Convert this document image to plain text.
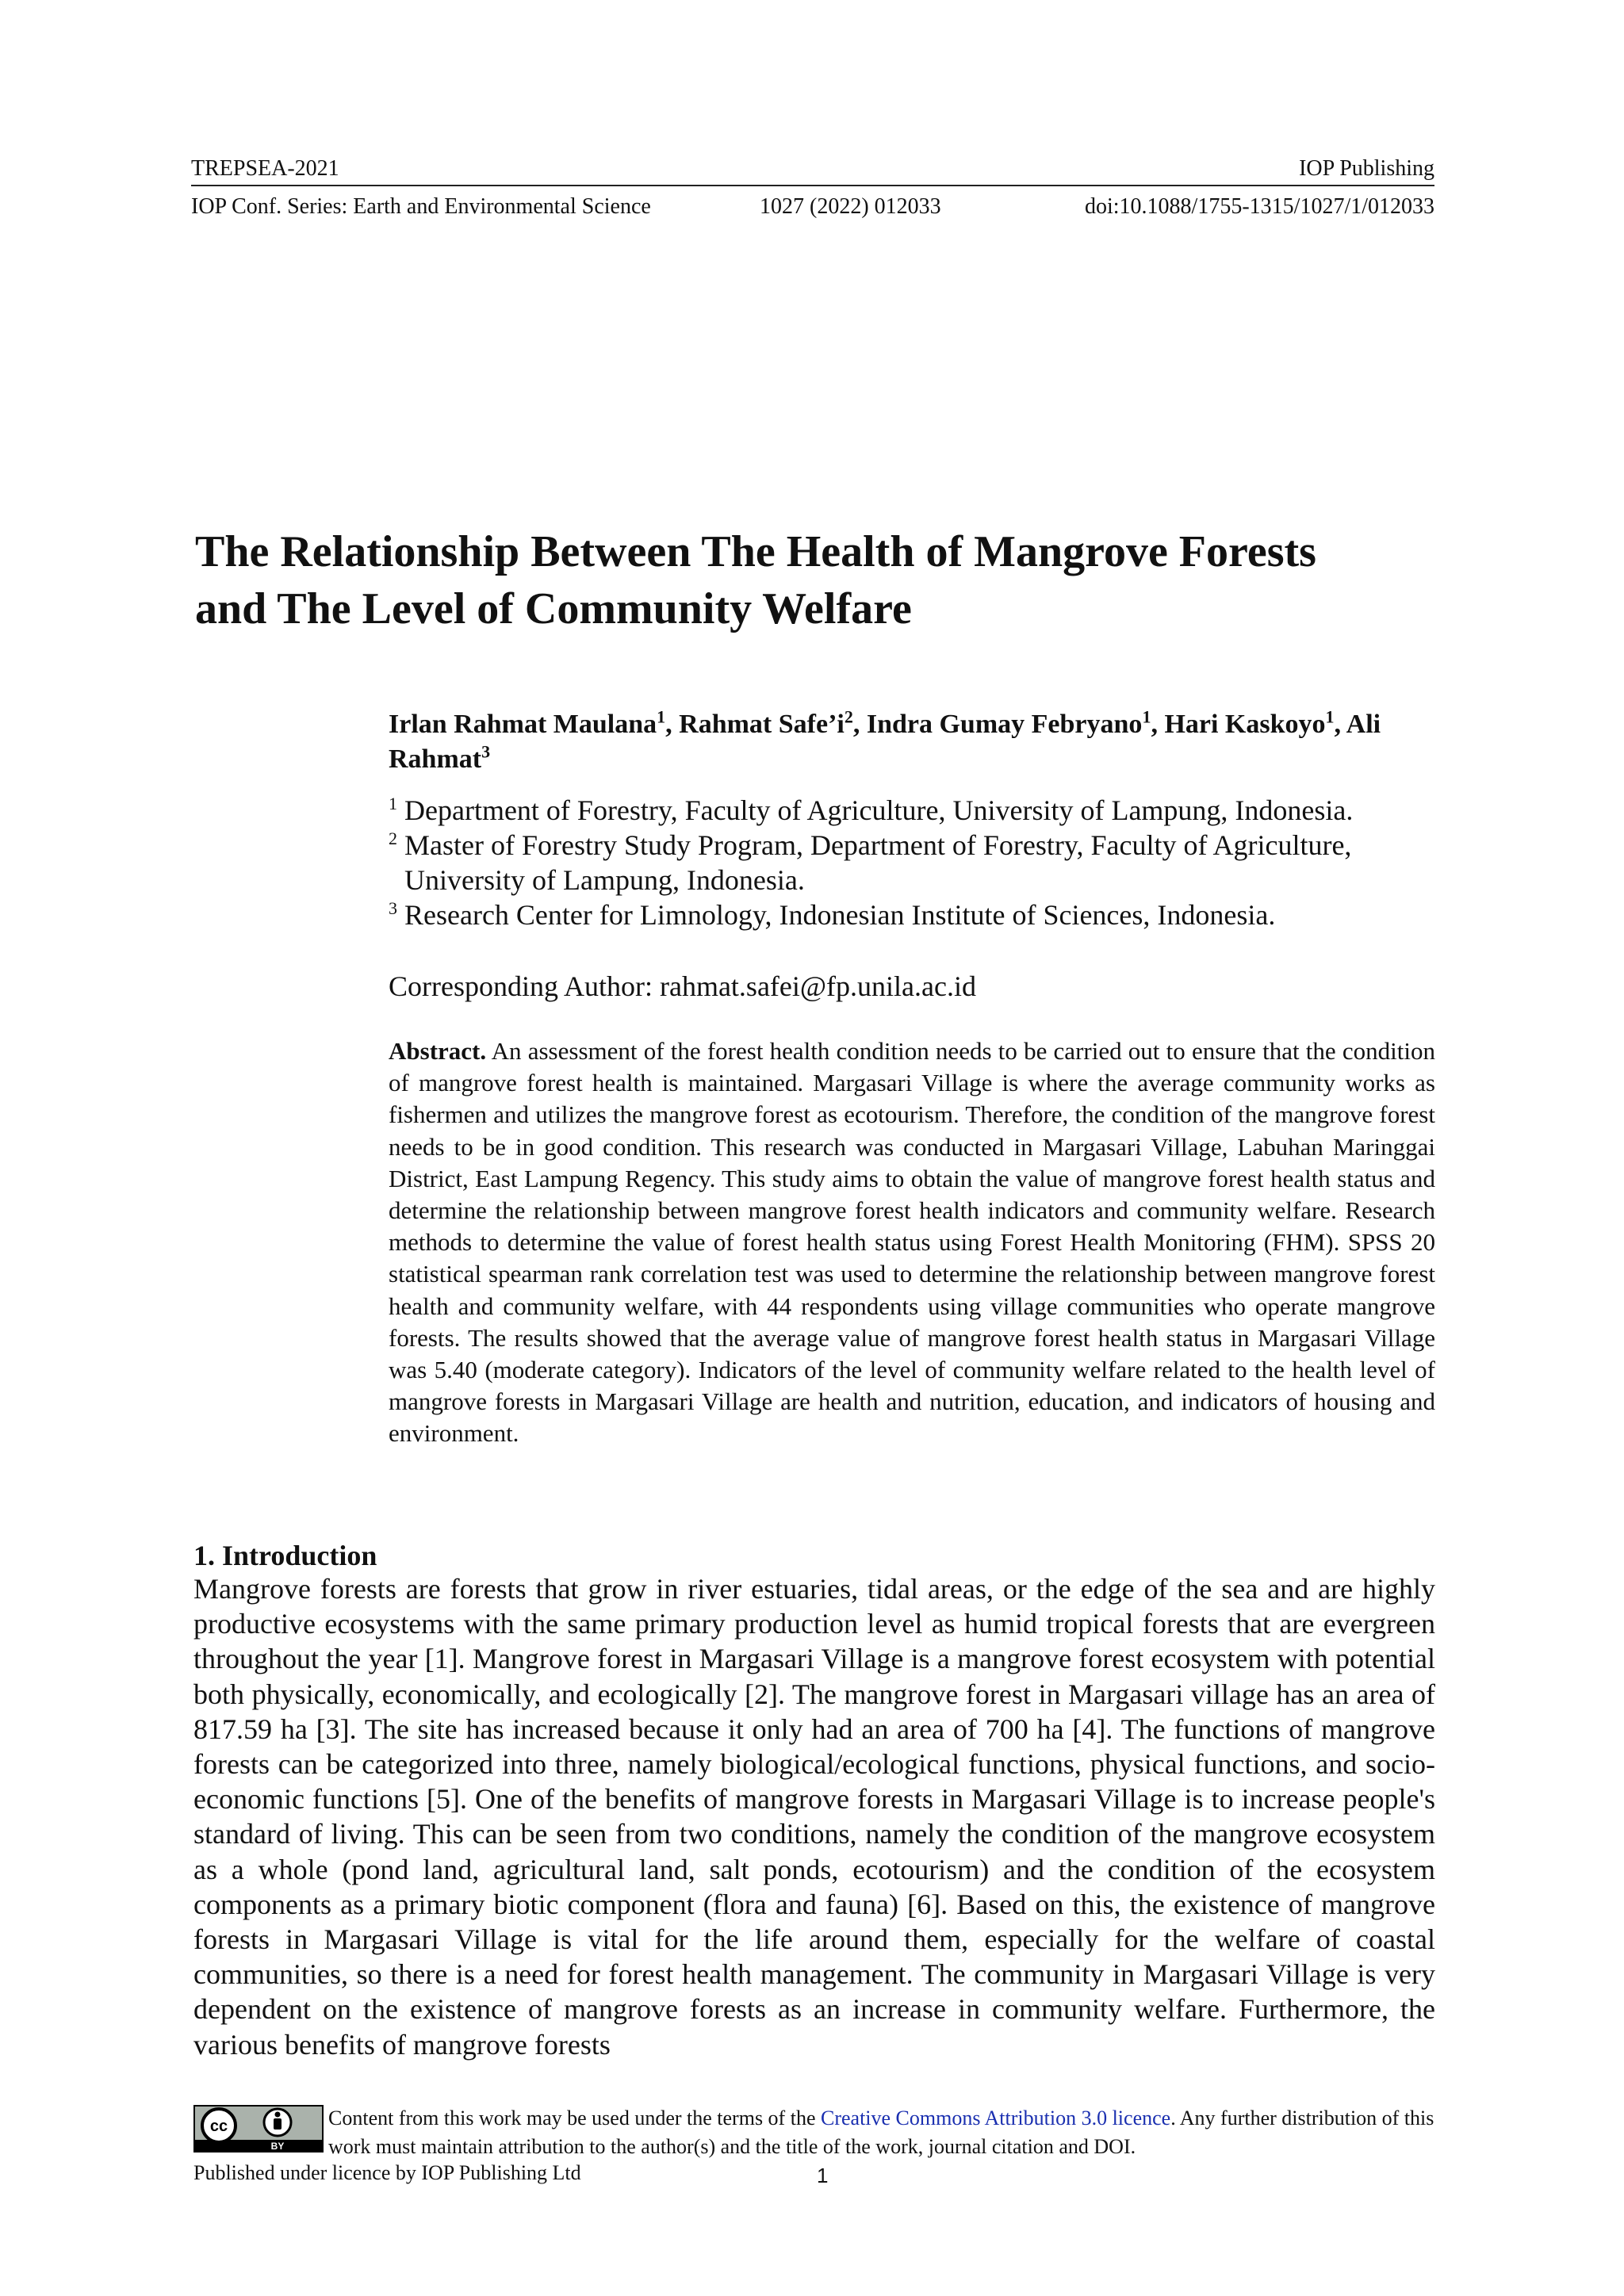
TREPSEA-2021	IOP Publishing
IOP Conf. Series: Earth and Environmental Science	1027 (2022) 012033	doi:10.1088/1755-1315/1027/1/012033
The Relationship Between The Health of Mangrove Forests
and The Level of Community Welfare
Irlan Rahmat Maulana$^1$, Rahmat $Safe’i^2$, Indra Gumay Febryano$^1$, Hari Kaskoyo$^1$, Ali Rahmat$^3$
$^1$ Department of Forestry, Faculty of Agriculture, University of Lampung, Indonesia.
$^2$ Master of Forestry Study Program, Department of Forestry, Faculty of Agriculture,
University of Lampung, Indonesia.
$^3$ Research Center for Limnology, Indonesian Institute of Sciences, Indonesia.
Corresponding Author: rahmat.safei@fp.unila.ac.id
Abstract. An assessment of the forest health condition needs to be carried out to ensure that the condition of mangrove forest health is maintained. Margasari Village is where the average community works as fishermen and utilizes the mangrove forest as ecotourism. Therefore, the condition of the mangrove forest needs to be in good condition. This research was conducted in Margasari Village, Labuhan Maringgai District, East Lampung Regency. This study aims to obtain the value of mangrove forest health status and determine the relationship between mangrove forest health indicators and community welfare. Research methods to determine the value of forest health status using Forest Health Monitoring (FHM). SPSS 20 statistical spearman rank correlation test was used to determine the relationship between mangrove forest health and community welfare, with 44 respondents using village communities who operate mangrove forests. The results showed that the average value of mangrove forest health status in Margasari Village was 5.40 (moderate category). Indicators of the level of community welfare related to the health level of mangrove forests in Margasari Village are health and nutrition, education, and indicators of housing and environment.
1. Introduction
Mangrove forests are forests that grow in river estuaries, tidal areas, or the edge of the sea and are highly productive ecosystems with the same primary production level as humid tropical forests that are evergreen throughout the year [1]. Mangrove forest in Margasari Village is a mangrove forest ecosystem with potential both physically, economically, and ecologically [2]. The mangrove forest in Margasari village has an area of 817.59 ha [3]. The site has increased because it only had an area of 700 ha [4]. The functions of mangrove forests can be categorized into three, namely biological/ecological functions, physical functions, and socio-economic functions [5]. One of the benefits of mangrove forests in Margasari Village is to increase people's standard of living. This can be seen from two conditions, namely the condition of the mangrove ecosystem as a whole (pond land, agricultural land, salt ponds, ecotourism) and the condition of the ecosystem components as a primary biotic component (flora and fauna) [6]. Based on this, the existence of mangrove forests in Margasari Village is vital for the life around them, especially for the welfare of coastal communities, so there is a need for forest health management. The community in Margasari Village is very dependent on the existence of mangrove forests as an increase in community welfare. Furthermore, the various benefits of mangrove forests
cc
BY
Content from this work may be used under the terms of the Creative Commons Attribution 3.0 licence. Any further distribution of this work must maintain attribution to the author(s) and the title of the work, journal citation and DOI.
Published under licence by IOP Publishing Ltd	1
